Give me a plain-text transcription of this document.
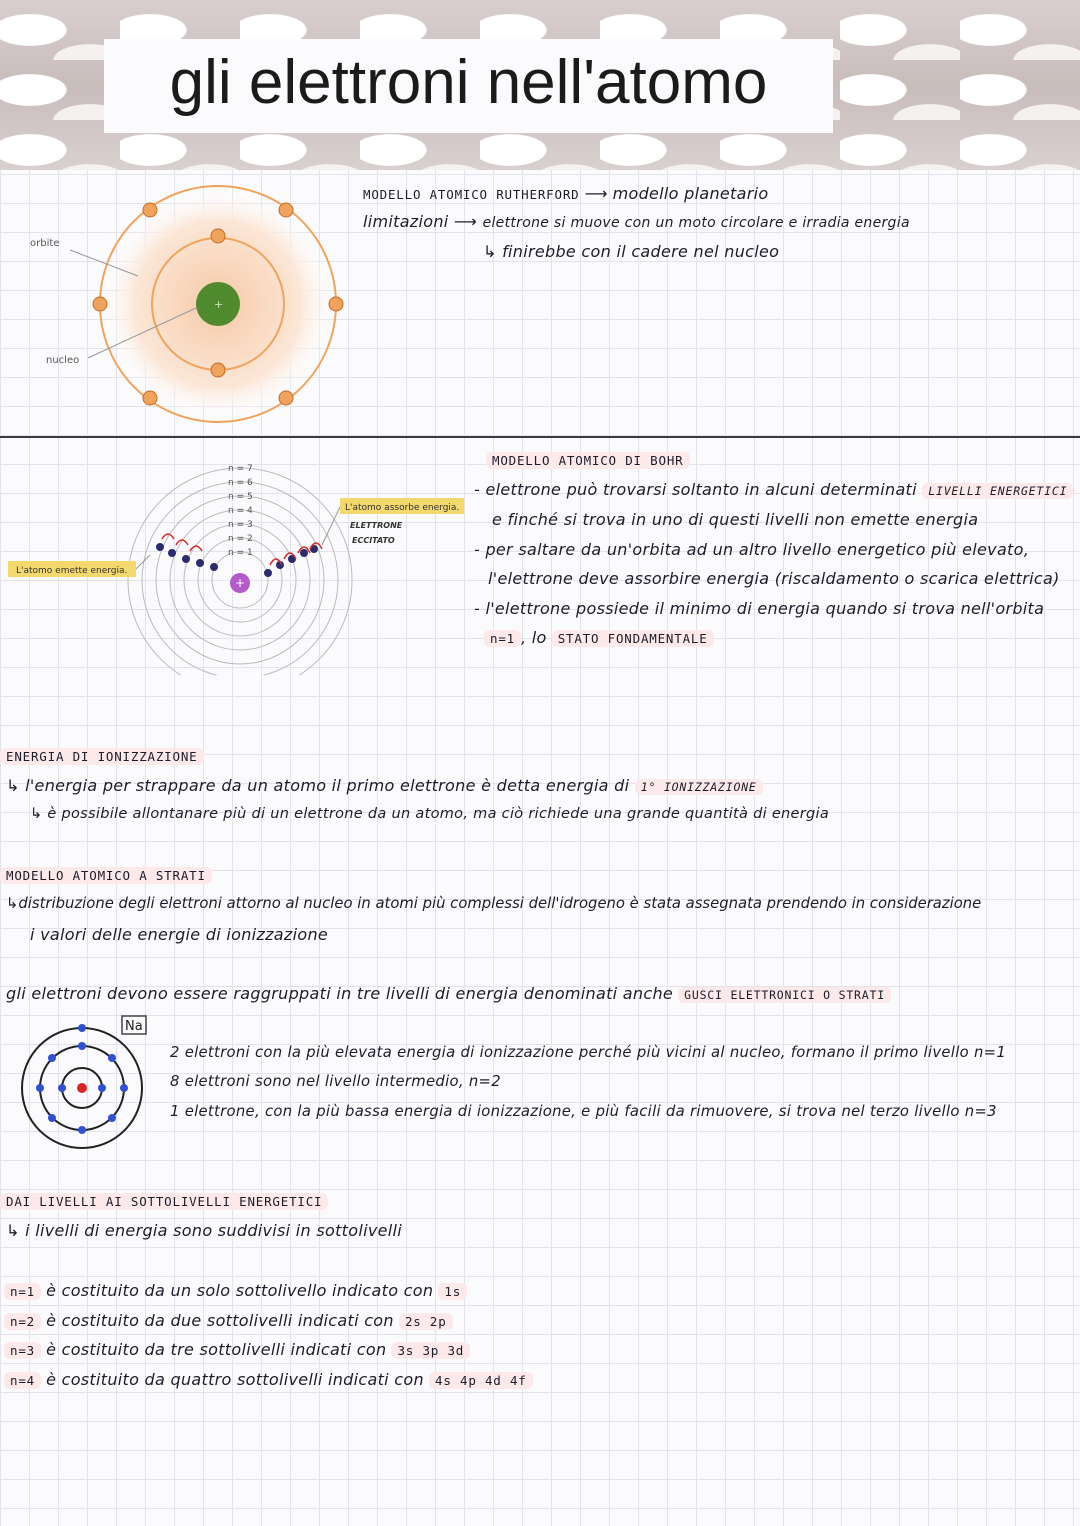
gli elettroni nell'atomo
+
orbite
nucleo
MODELLO ATOMICO RUTHERFORD ⟶ modello planetario
limitazioni ⟶ elettrone si muove con un moto circolare e irradia energia
↳ finirebbe con il cadere nel nucleo
n = 7
n = 6
n = 5
n = 4
n = 3
n = 2
n = 1
+
L'atomo emette energia.
L'atomo assorbe energia.
ELETTRONE
ECCITATO
MODELLO ATOMICO DI BOHR
- elettrone può trovarsi soltanto in alcuni determinati LIVELLI ENERGETICI
e finché si trova in uno di questi livelli non emette energia
- per saltare da un'orbita ad un altro livello energetico più elevato,
l'elettrone deve assorbire energia (riscaldamento o scarica elettrica)
- l'elettrone possiede il minimo di energia quando si trova nell'orbita
n=1 , lo STATO FONDAMENTALE
ENERGIA DI IONIZZAZIONE
↳ l'energia per strappare da un atomo il primo elettrone è detta energia di 1° IONIZZAZIONE
↳ è possibile allontanare più di un elettrone da un atomo, ma ciò richiede una grande quantità di energia
MODELLO ATOMICO A STRATI
↳distribuzione degli elettroni attorno al nucleo in atomi più complessi dell'idrogeno è stata assegnata prendendo in considerazione
i valori delle energie di ionizzazione
gli elettroni devono essere raggruppati in tre livelli di energia denominati anche GUSCI ELETTRONICI O STRATI
Na
2 elettroni con la più elevata energia di ionizzazione perché più vicini al nucleo, formano il primo livello n=1
8 elettroni sono nel livello intermedio, n=2
1 elettrone, con la più bassa energia di ionizzazione, e più facili da rimuovere, si trova nel terzo livello n=3
DAI LIVELLI AI SOTTOLIVELLI ENERGETICI
↳ i livelli di energia sono suddivisi in sottolivelli
n=1 è costituito da un solo sottolivello indicato con 1s
n=2 è costituito da due sottolivelli indicati con 2s 2p
n=3 è costituito da tre sottolivelli indicati con 3s 3p 3d
n=4 è costituito da quattro sottolivelli indicati con 4s 4p 4d 4f
